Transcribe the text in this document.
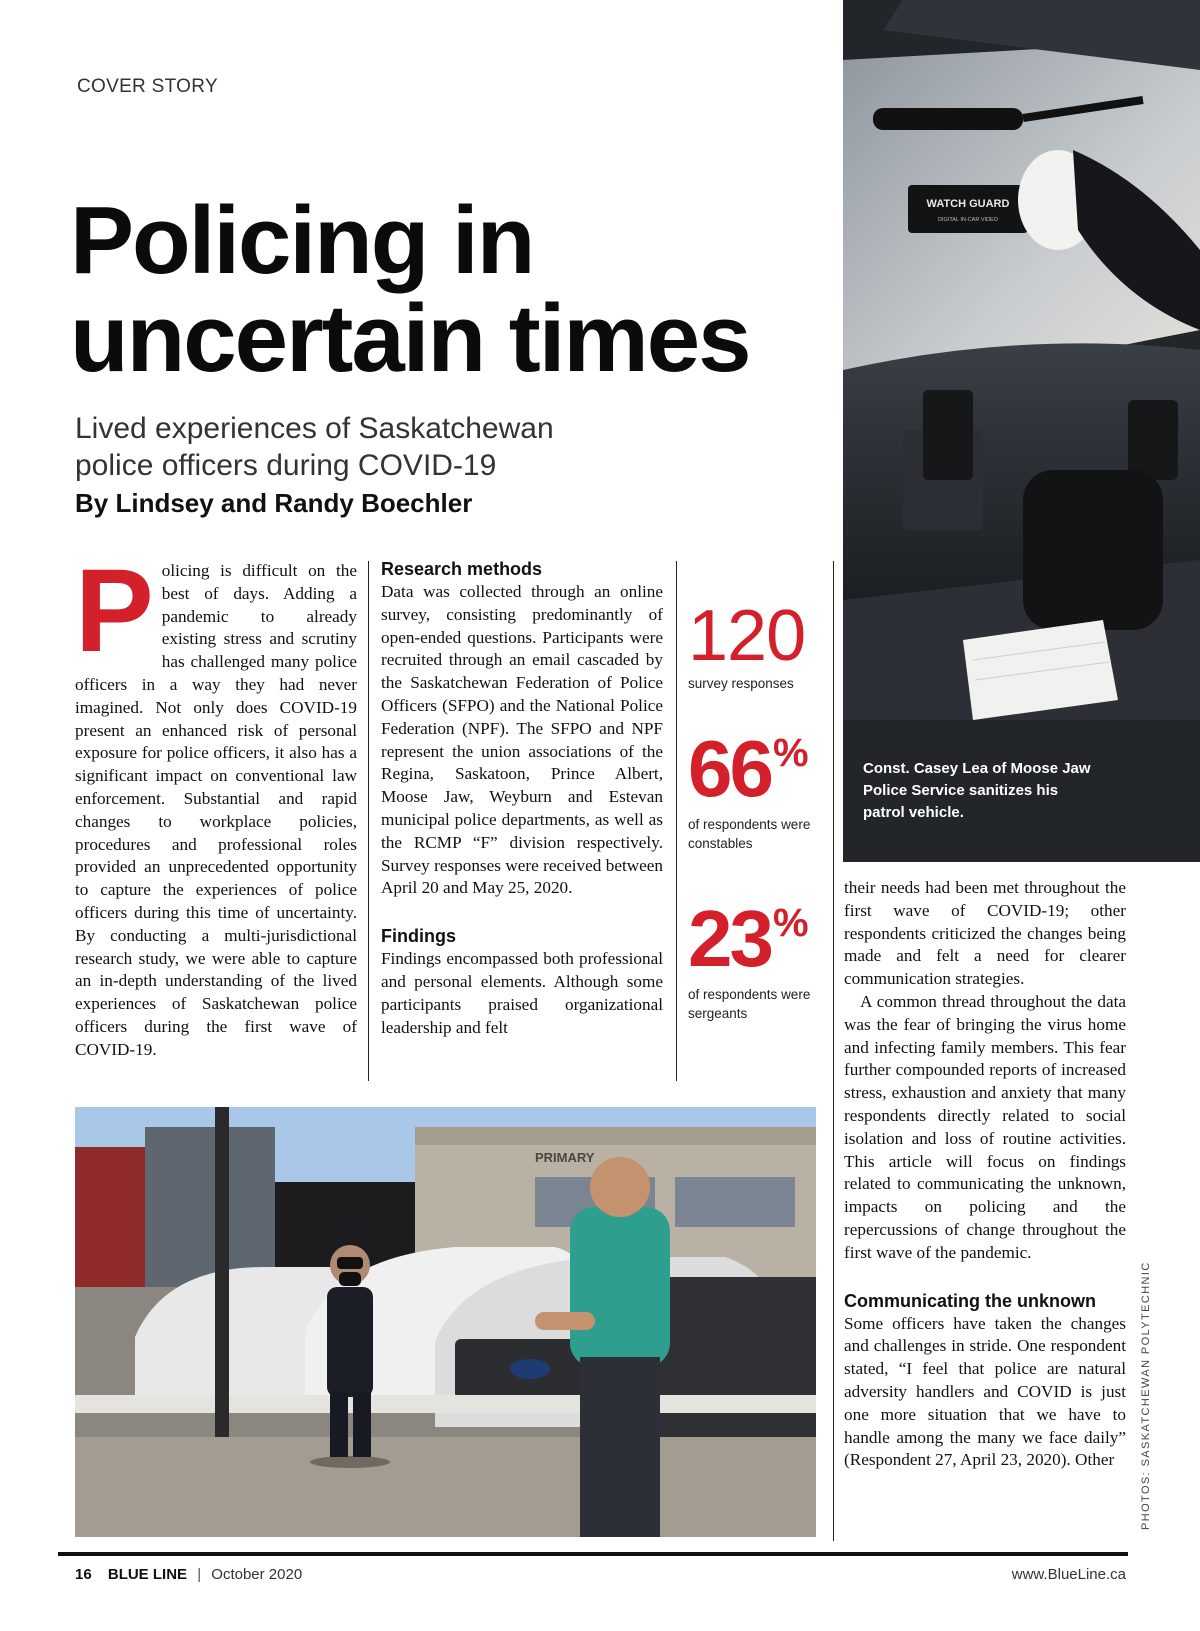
COVER STORY
Policing in
uncertain times
Lived experiences of Saskatchewan
police officers during COVID-19
By Lindsey and Randy Boechler
P olicing is difficult on the best of days. Adding a pandemic to already existing stress and scrutiny has challenged many police officers in a way they had never imagined. Not only does COVID-19 present an enhanced risk of personal exposure for police officers, it also has a significant impact on conventional law enforcement. Substantial and rapid changes to workplace policies, procedures and professional roles provided an unprecedented opportunity to capture the experiences of police officers during this time of uncertainty. By conducting a multi-jurisdictional research study, we were able to capture an in-depth understanding of the lived experiences of Saskatchewan police officers during the first wave of COVID-19.

Research methods

Data was collected through an online survey, consisting predominantly of open-ended questions. Participants were recruited through an email cascaded by the Saskatchewan Federation of Police Officers (SFPO) and the National Police Federation (NPF). The SFPO and NPF represent the union associations of the Regina, Saskatoon, Prince Albert, Moose Jaw, Weyburn and Estevan municipal police departments, as well as the RCMP “F” division respectively. Survey responses were received between April 20 and May 25, 2020.

Findings

Findings encompassed both professional and personal elements. Although some participants praised organizational leadership and felt

120
survey responses
66%
of respondents were constables
23%
of respondents were sergeants
WATCH GUARD
DIGITAL IN-CAR VIDEO
Const. Casey Lea of Moose Jaw Police Service sanitizes his patrol vehicle.

their needs had been met throughout the first wave of COVID-19; other respondents criticized the changes being made and felt a need for clearer communication strategies.

A common thread throughout the data was the fear of bringing the virus home and infecting family members. This fear further compounded reports of increased stress, exhaustion and anxiety that many respondents directly related to social isolation and loss of routine activities. This article will focus on findings related to communicating the unknown, impacts on policing and the repercussions of change throughout the first wave of the pandemic.

Communicating the unknown

Some officers have taken the changes and challenges in stride. One respondent stated, “I feel that police are natural adversity handlers and COVID is just one more situation that we have to handle among the many we face daily” (Respondent 27, April 23, 2020). Other

PRIMARY
PHOTOS: SASKATCHEWAN POLYTECHNIC
16 BLUE LINE | October 2020	www.BlueLine.ca
